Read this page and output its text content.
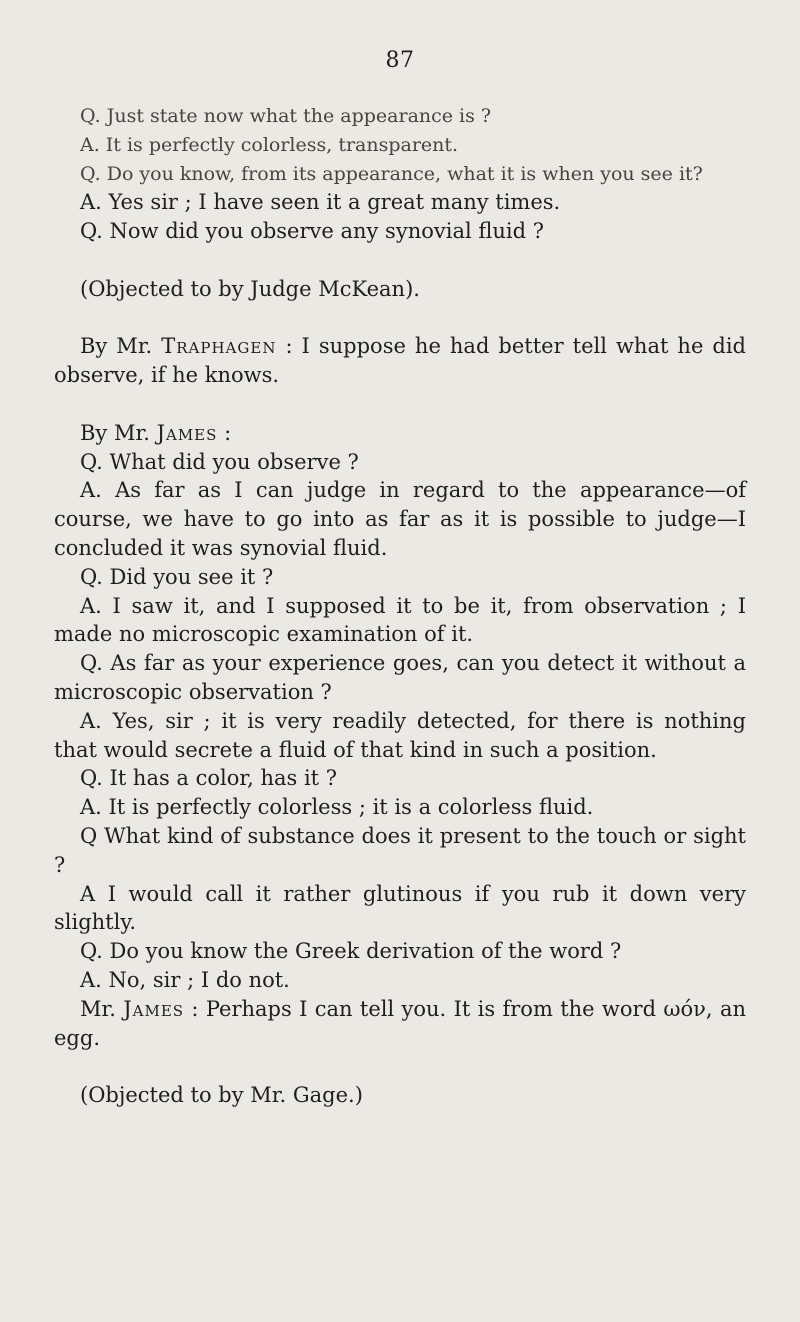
87

Q. Just state now what the appearance is ?

A. It is perfectly colorless, transparent.

Q. Do you know, from its appearance, what it is when you see it?

A. Yes sir ; I have seen it a great many times.

Q. Now did you observe any synovial fluid ?

(Objected to by Judge McKean).

By Mr. Traphagen : I suppose he had better tell what he did observe, if he knows.

By Mr. James :

Q. What did you observe ?

A. As far as I can judge in regard to the appearance—of course, we have to go into as far as it is possible to judge—I concluded it was synovial fluid.

Q. Did you see it ?

A. I saw it, and I supposed it to be it, from observation ; I made no microscopic examination of it.

Q. As far as your experience goes, can you detect it without a microscopic observation ?

A. Yes, sir ; it is very readily detected, for there is nothing that would secrete a fluid of that kind in such a position.

Q. It has a color, has it ?

A. It is perfectly colorless ; it is a colorless fluid.

Q What kind of substance does it present to the touch or sight ?

A I would call it rather glutinous if you rub it down very slightly.

Q. Do you know the Greek derivation of the word ?

A. No, sir ; I do not.

Mr. James : Perhaps I can tell you. It is from the word ωόν, an egg.

(Objected to by Mr. Gage.)
